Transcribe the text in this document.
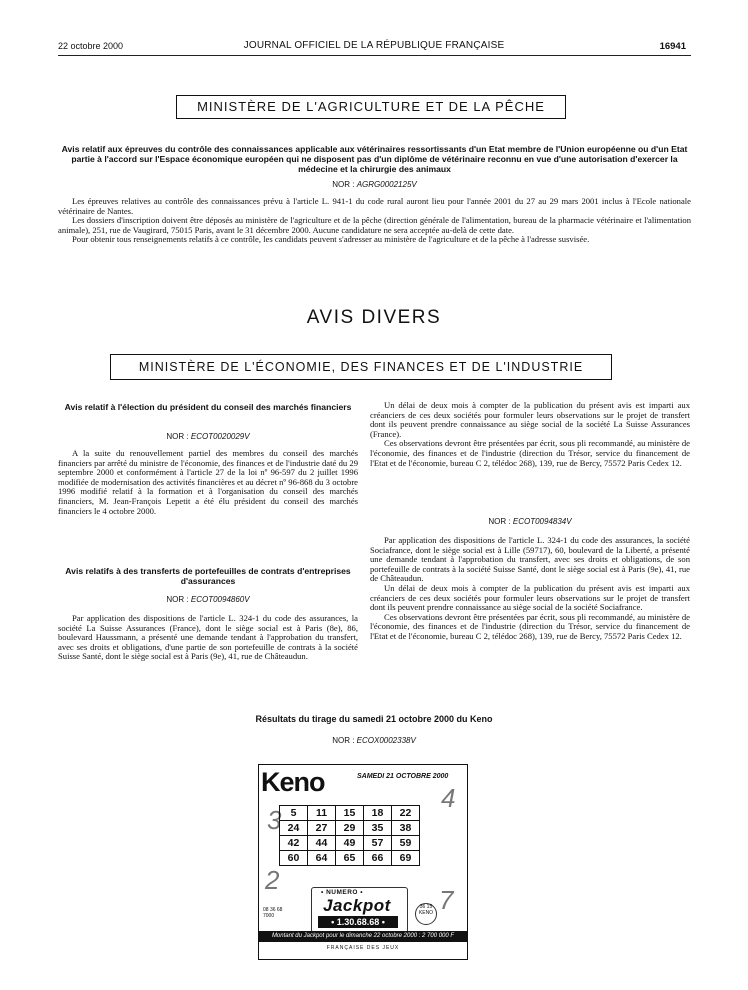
22 octobre 2000	JOURNAL OFFICIEL DE LA RÉPUBLIQUE FRANÇAISE	16941
MINISTÈRE DE L'AGRICULTURE ET DE LA PÊCHE
Avis relatif aux épreuves du contrôle des connaissances applicable aux vétérinaires ressortissants d'un Etat membre de l'Union européenne ou d'un Etat partie à l'accord sur l'Espace économique européen qui ne disposent pas d'un diplôme de vétérinaire reconnu en vue d'une autorisation d'exercer la médecine et la chirurgie des animaux
NOR : AGRG0002125V

Les épreuves relatives au contrôle des connaissances prévu à l'article L. 941-1 du code rural auront lieu pour l'année 2001 du 27 au 29 mars 2001 inclus à l'Ecole nationale vétérinaire de Nantes.

Les dossiers d'inscription doivent être déposés au ministère de l'agriculture et de la pêche (direction générale de l'alimentation, bureau de la pharmacie vétérinaire et l'alimentation animale), 251, rue de Vaugirard, 75015 Paris, avant le 31 décembre 2000. Aucune candidature ne sera acceptée au-delà de cette date.

Pour obtenir tous renseignements relatifs à ce contrôle, les candidats peuvent s'adresser au ministère de l'agriculture et de la pêche à l'adresse susvisée.

AVIS DIVERS
MINISTÈRE DE L'ÉCONOMIE, DES FINANCES ET DE L'INDUSTRIE
Avis relatif à l'élection du président du conseil des marchés financiers
NOR : ECOT0020029V

A la suite du renouvellement partiel des membres du conseil des marchés financiers par arrêté du ministre de l'économie, des finances et de l'industrie daté du 29 septembre 2000 et conformément à l'article 27 de la loi nº 96-597 du 2 juillet 1996 modifiée de modernisation des activités financières et au décret nº 96-868 du 3 octobre 1996 modifié relatif à la formation et à l'organisation du conseil des marchés financiers, M. Jean-François Lepetit a été élu président du conseil des marchés financiers le 4 octobre 2000.

Avis relatifs à des transferts de portefeuilles de contrats d'entreprises d'assurances
NOR : ECOT0094860V

Par application des dispositions de l'article L. 324-1 du code des assurances, la société La Suisse Assurances (France), dont le siège social est à Paris (8e), 86, boulevard Haussmann, a présenté une demande tendant à l'approbation du transfert, avec ses droits et obligations, d'une partie de son portefeuille de contrats à la société Suisse Santé, dont le siège social est à Paris (9e), 41, rue de Châteaudun.

Un délai de deux mois à compter de la publication du présent avis est imparti aux créanciers de ces deux sociétés pour formuler leurs observations sur le projet de transfert dont ils peuvent prendre connaissance au siège social de la société La Suisse Assurances (France).

Ces observations devront être présentées par écrit, sous pli recommandé, au ministère de l'économie, des finances et de l'industrie (direction du Trésor, service du financement de l'Etat et de l'économie, bureau C 2, télédoc 268), 139, rue de Bercy, 75572 Paris Cedex 12.

NOR : ECOT0094834V

Par application des dispositions de l'article L. 324-1 du code des assurances, la société Sociafrance, dont le siège social est à Lille (59717), 60, boulevard de la Liberté, a présenté une demande tendant à l'approbation du transfert, avec ses droits et obligations, de son portefeuille de contrats à la société Suisse Santé, dont le siège social est à Paris (9e), 41, rue de Châteaudun.

Un délai de deux mois à compter de la publication du présent avis est imparti aux créanciers de ces deux sociétés pour formuler leurs observations sur le projet de transfert dont ils peuvent prendre connaissance au siège social de la société Sociafrance.

Ces observations devront être présentées par écrit, sous pli recommandé, au ministère de l'économie, des finances et de l'industrie (direction du Trésor, service du financement de l'Etat et de l'économie, bureau C 2, télédoc 268), 139, rue de Bercy, 75572 Paris Cedex 12.

Résultats du tirage du samedi 21 octobre 2000 du Keno
NOR : ECOX0002338V
Keno	SAMEDI 21 OCTOBRE 2000
4
3
2
7
5	11	15	18	22
24	27	29	35	38
42	44	49	57	59
60	64	65	66	69
• NUMERO •
Jackpot
• 1.30.68.68 •
08 36 68
7000
36 15
KENO
Montant du Jackpot pour le dimanche 22 octobre 2000 : 2 700 000 F
FRANÇAISE DES JEUX
